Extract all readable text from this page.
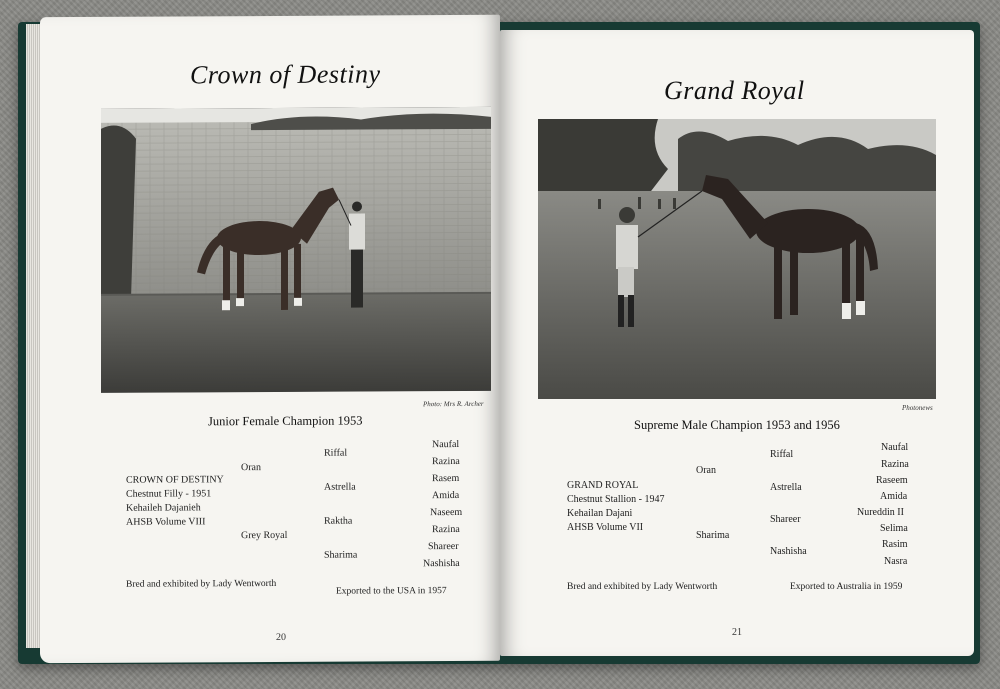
Crown of Destiny
Photo: Mrs R. Archer
Junior Female Champion 1953
CROWN OF DESTINY
Chestnut Filly - 1951
Kehaileh Dajanieh
AHSB Volume VIII
Oran
Grey Royal
Riffal
Astrella
Raktha
Sharima
Naufal
Razina
Rasem
Amida
Naseem
Razina
Shareer
Nashisha
Bred and exhibited by Lady Wentworth
Exported to the USA in 1957
20
Grand Royal
Photonews
Supreme Male Champion 1953 and 1956
GRAND ROYAL
Chestnut Stallion - 1947
Kehailan Dajani
AHSB Volume VII
Oran
Sharima
Riffal
Astrella
Shareer
Nashisha
Naufal
Razina
Raseem
Amida
Nureddin II
Selima
Rasim
Nasra
Bred and exhibited by Lady Wentworth	Exported to Australia in 1959
21
